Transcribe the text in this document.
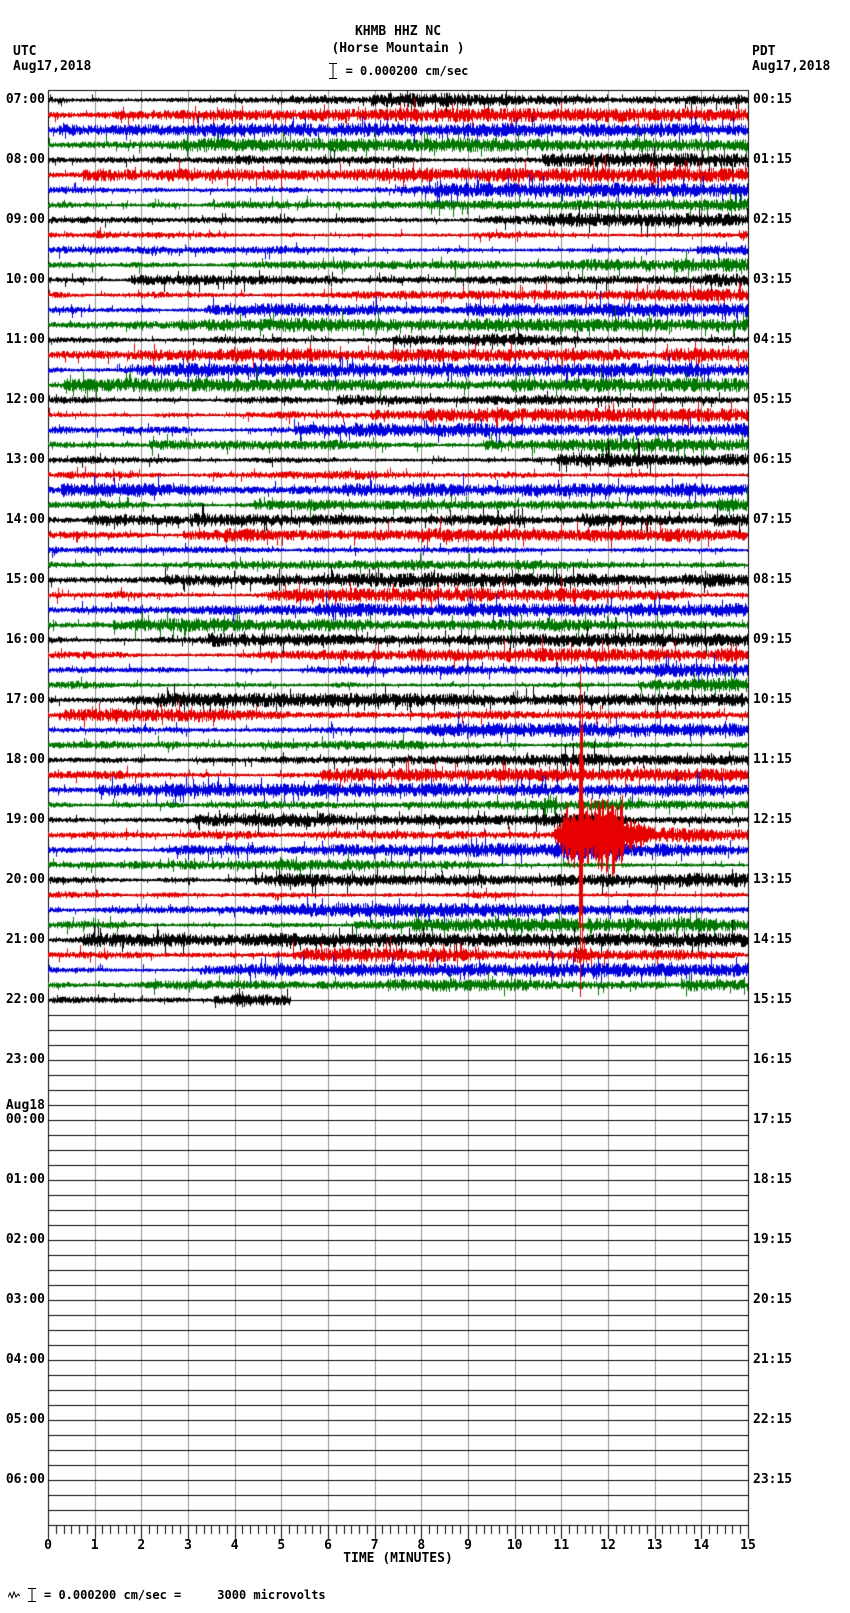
UTC
Aug17,2018
PDT
Aug17,2018
KHMB HHZ NC
(Horse Mountain )
= 0.000200 cm/sec
07:00
08:00
09:00
10:00
11:00
12:00
13:00
14:00
15:00
16:00
17:00
18:00
19:00
20:00
21:00
22:00
23:00
Aug18
00:00
01:00
02:00
03:00
04:00
05:00
06:00
00:15
01:15
02:15
03:15
04:15
05:15
06:15
07:15
08:15
09:15
10:15
11:15
12:15
13:15
14:15
15:15
16:15
17:15
18:15
19:15
20:15
21:15
22:15
23:15
0	1	2	3	4	5	6	7	8	9	10	11	12	13	14	15
TIME (MINUTES)
= 0.000200 cm/sec =	3000 microvolts
